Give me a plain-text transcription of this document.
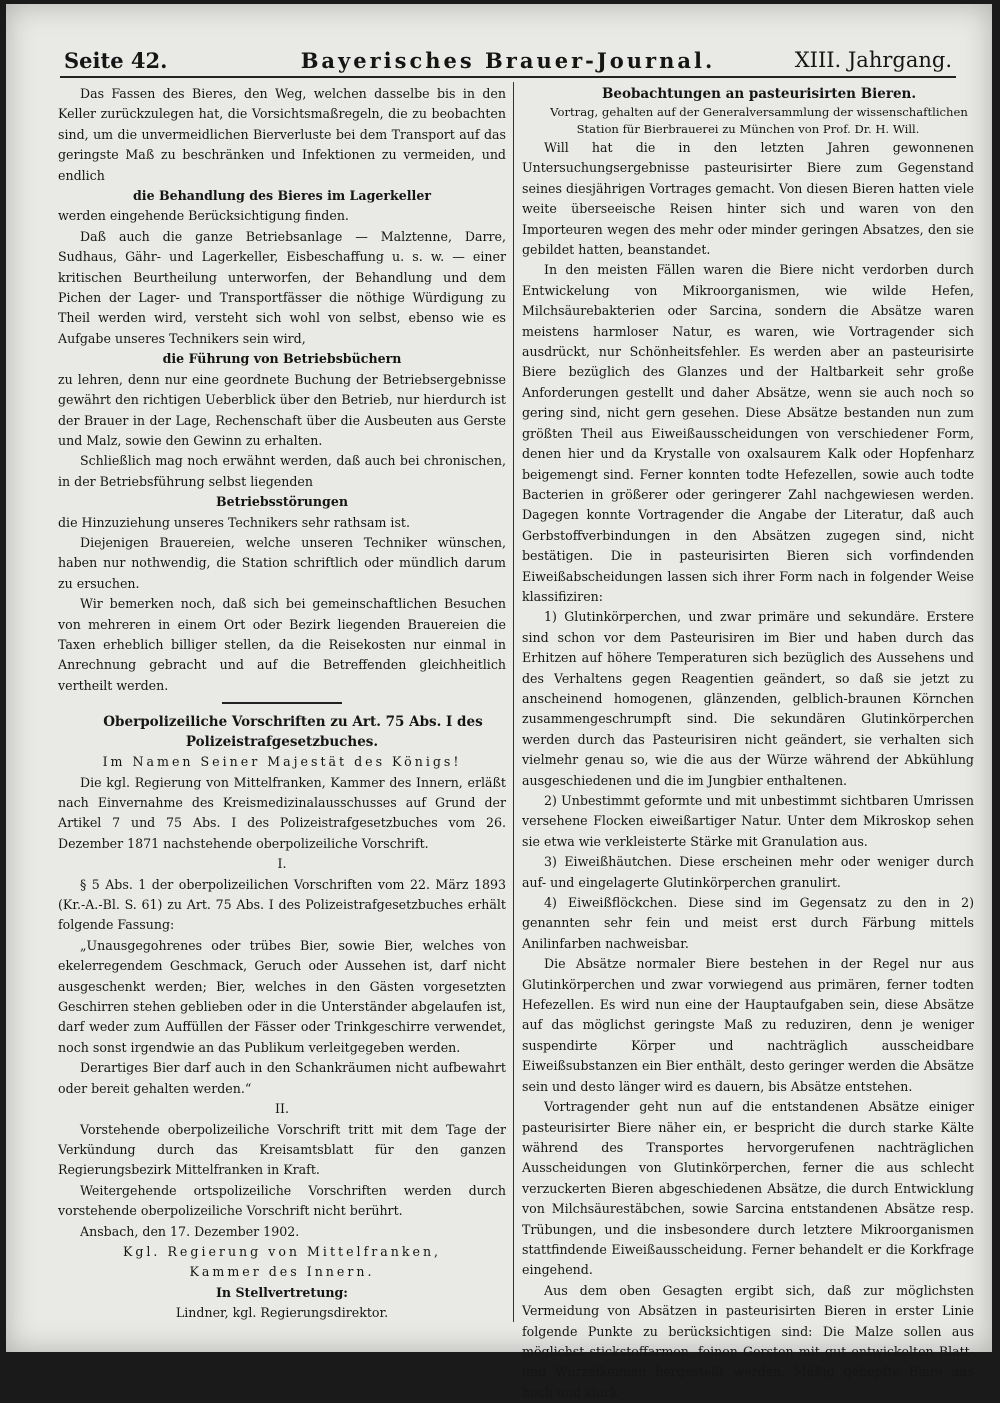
Seite 42.	Bayerisches Brauer-Journal.	XIII. Jahrgang.

Das Fassen des Bieres, den Weg, welchen dasselbe bis in den Keller zurückzulegen hat, die Vorsichtsmaßregeln, die zu beobachten sind, um die unvermeidlichen Bierverluste bei dem Transport auf das geringste Maß zu beschränken und Infektionen zu vermeiden, und endlich

die Behandlung des Bieres im Lagerkeller

werden eingehende Berücksichtigung finden.

Daß auch die ganze Betriebsanlage — Malztenne, Darre, Sudhaus, Gähr- und Lagerkeller, Eisbeschaffung u. s. w. — einer kritischen Beurtheilung unterworfen, der Behandlung und dem Pichen der Lager- und Transportfässer die nöthige Würdigung zu Theil werden wird, versteht sich wohl von selbst, ebenso wie es Aufgabe unseres Technikers sein wird,

die Führung von Betriebsbüchern

zu lehren, denn nur eine geordnete Buchung der Betriebsergebnisse gewährt den richtigen Ueberblick über den Betrieb, nur hierdurch ist der Brauer in der Lage, Rechenschaft über die Ausbeuten aus Gerste und Malz, sowie den Gewinn zu erhalten.

Schließlich mag noch erwähnt werden, daß auch bei chronischen, in der Betriebsführung selbst liegenden

Betriebsstörungen

die Hinzuziehung unseres Technikers sehr rathsam ist.

Diejenigen Brauereien, welche unseren Techniker wünschen, haben nur nothwendig, die Station schriftlich oder mündlich darum zu ersuchen.

Wir bemerken noch, daß sich bei gemeinschaftlichen Besuchen von mehreren in einem Ort oder Bezirk liegenden Brauereien die Taxen erheblich billiger stellen, da die Reisekosten nur einmal in Anrechnung gebracht und auf die Betreffenden gleichheitlich vertheilt werden.

Oberpolizeiliche Vorschriften zu Art. 75 Abs. I des Polizeistrafgesetzbuches.

Im Namen Seiner Majestät des Königs!

Die kgl. Regierung von Mittelfranken, Kammer des Innern, erläßt nach Einvernahme des Kreismedizinalausschusses auf Grund der Artikel 7 und 75 Abs. I des Polizeistrafgesetzbuches vom 26. Dezember 1871 nachstehende oberpolizeiliche Vorschrift.

I.

§ 5 Abs. 1 der oberpolizeilichen Vorschriften vom 22. März 1893 (Kr.-A.-Bl. S. 61) zu Art. 75 Abs. I des Polizeistrafgesetzbuches erhält folgende Fassung:

„Unausgegohrenes oder trübes Bier, sowie Bier, welches von ekelerregendem Geschmack, Geruch oder Aussehen ist, darf nicht ausgeschenkt werden; Bier, welches in den Gästen vorgesetzten Geschirren stehen geblieben oder in die Unterständer abgelaufen ist, darf weder zum Auffüllen der Fässer oder Trinkgeschirre verwendet, noch sonst irgendwie an das Publikum verleitgegeben werden.

Derartiges Bier darf auch in den Schankräumen nicht aufbewahrt oder bereit gehalten werden.“

II.

Vorstehende oberpolizeiliche Vorschrift tritt mit dem Tage der Verkündung durch das Kreisamtsblatt für den ganzen Regierungsbezirk Mittelfranken in Kraft.

Weitergehende ortspolizeiliche Vorschriften werden durch vorstehende oberpolizeiliche Vorschrift nicht berührt.

Ansbach, den 17. Dezember 1902.

Kgl. Regierung von Mittelfranken,

Kammer des Innern.

In Stellvertretung:

Lindner, kgl. Regierungsdirektor.

Beobachtungen an pasteurisirten Bieren.

Vortrag, gehalten auf der Generalversammlung der wissenschaftlichen Station für Bierbrauerei zu München von Prof. Dr. H. Will.

Will hat die in den letzten Jahren gewonnenen Untersuchungsergebnisse pasteurisirter Biere zum Gegenstand seines diesjährigen Vortrages gemacht. Von diesen Bieren hatten viele weite überseeische Reisen hinter sich und waren von den Importeuren wegen des mehr oder minder geringen Absatzes, den sie gebildet hatten, beanstandet.

In den meisten Fällen waren die Biere nicht verdorben durch Entwickelung von Mikroorganismen, wie wilde Hefen, Milchsäurebakterien oder Sarcina, sondern die Absätze waren meistens harmloser Natur, es waren, wie Vortragender sich ausdrückt, nur Schönheitsfehler. Es werden aber an pasteurisirte Biere bezüglich des Glanzes und der Haltbarkeit sehr große Anforderungen gestellt und daher Absätze, wenn sie auch noch so gering sind, nicht gern gesehen. Diese Absätze bestanden nun zum größten Theil aus Eiweißausscheidungen von verschiedener Form, denen hier und da Krystalle von oxalsaurem Kalk oder Hopfenharz beigemengt sind. Ferner konnten todte Hefezellen, sowie auch todte Bacterien in größerer oder geringerer Zahl nachgewiesen werden. Dagegen konnte Vortragender die Angabe der Literatur, daß auch Gerbstoffverbindungen in den Absätzen zugegen sind, nicht bestätigen. Die in pasteurisirten Bieren sich vorfindenden Eiweißabscheidungen lassen sich ihrer Form nach in folgender Weise klassifiziren:

1) Glutinkörperchen, und zwar primäre und sekundäre. Erstere sind schon vor dem Pasteurisiren im Bier und haben durch das Erhitzen auf höhere Temperaturen sich bezüglich des Aussehens und des Verhaltens gegen Reagentien geändert, so daß sie jetzt zu anscheinend homogenen, glänzenden, gelblich-braunen Körnchen zusammengeschrumpft sind. Die sekundären Glutinkörperchen werden durch das Pasteurisiren nicht geändert, sie verhalten sich vielmehr genau so, wie die aus der Würze während der Abkühlung ausgeschiedenen und die im Jungbier enthaltenen.

2) Unbestimmt geformte und mit unbestimmt sichtbaren Umrissen versehene Flocken eiweißartiger Natur. Unter dem Mikroskop sehen sie etwa wie verkleisterte Stärke mit Granulation aus.

3) Eiweißhäutchen. Diese erscheinen mehr oder weniger durch auf- und eingelagerte Glutinkörperchen granulirt.

4) Eiweißflöckchen. Diese sind im Gegensatz zu den in 2) genannten sehr fein und meist erst durch Färbung mittels Anilinfarben nachweisbar.

Die Absätze normaler Biere bestehen in der Regel nur aus Glutinkörperchen und zwar vorwiegend aus primären, ferner todten Hefezellen. Es wird nun eine der Hauptaufgaben sein, diese Absätze auf das möglichst geringste Maß zu reduziren, denn je weniger suspendirte Körper und nachträglich ausscheidbare Eiweißsubstanzen ein Bier enthält, desto geringer werden die Absätze sein und desto länger wird es dauern, bis Absätze entstehen.

Vortragender geht nun auf die entstandenen Absätze einiger pasteurisirter Biere näher ein, er bespricht die durch starke Kälte während des Transportes hervorgerufenen nachträglichen Ausscheidungen von Glutinkörperchen, ferner die aus schlecht verzuckerten Bieren abgeschiedenen Absätze, die durch Entwicklung von Milchsäurestäbchen, sowie Sarcina entstandenen Absätze resp. Trübungen, und die insbesondere durch letztere Mikroorganismen stattfindende Eiweißausscheidung. Ferner behandelt er die Korkfrage eingehend.

Aus dem oben Gesagten ergibt sich, daß zur möglichsten Vermeidung von Absätzen in pasteurisirten Bieren in erster Linie folgende Punkte zu berücksichtigen sind: Die Malze sollen aus möglichst stickstoffarmen, feinen Gersten mit gut entwickelten Blatt- und Wurzelkeimen hergestellt werden. Mäßig gehopfte Biere aus hoch und stark
